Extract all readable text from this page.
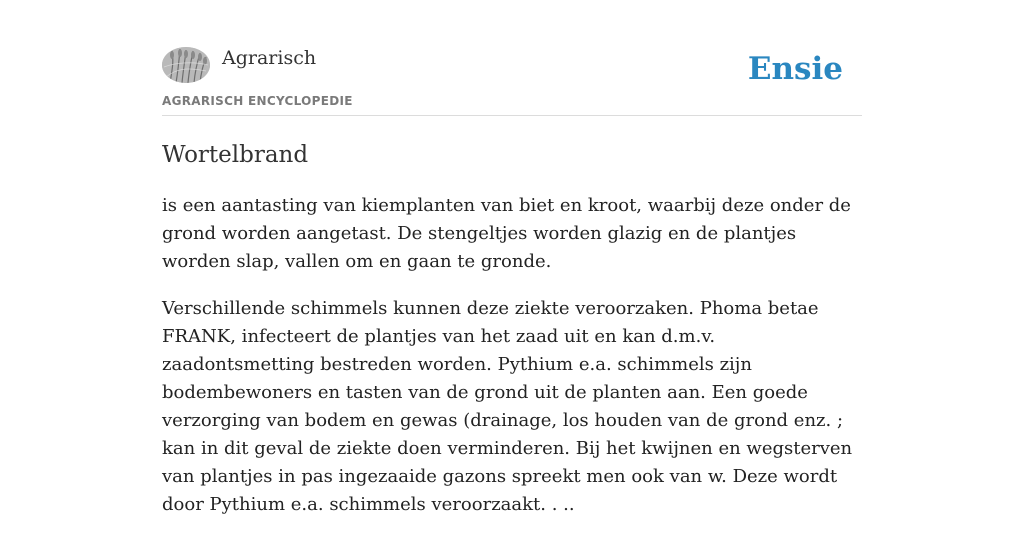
Agrarisch
AGRARISCH ENCYCLOPEDIE
Ensie
Wortelbrand

is een aantasting van kiemplanten van biet en kroot, waarbij deze onder de grond worden aangetast. De stengeltjes worden glazig en de plantjes worden slap, vallen om en gaan te gronde.

Verschillende schimmels kunnen deze ziekte veroorzaken. Phoma betae FRANK, infecteert de plantjes van het zaad uit en kan d.m.v. zaadontsmetting bestreden worden. Pythium e.a. schimmels zijn bodembewoners en tasten van de grond uit de planten aan. Een goede verzorging van bodem en gewas (drainage, los houden van de grond enz. ; kan in dit geval de ziekte doen verminderen. Bij het kwijnen en wegsterven van plantjes in pas ingezaaide gazons spreekt men ook van w. Deze wordt door Pythium e.a. schimmels veroorzaakt. . ..
